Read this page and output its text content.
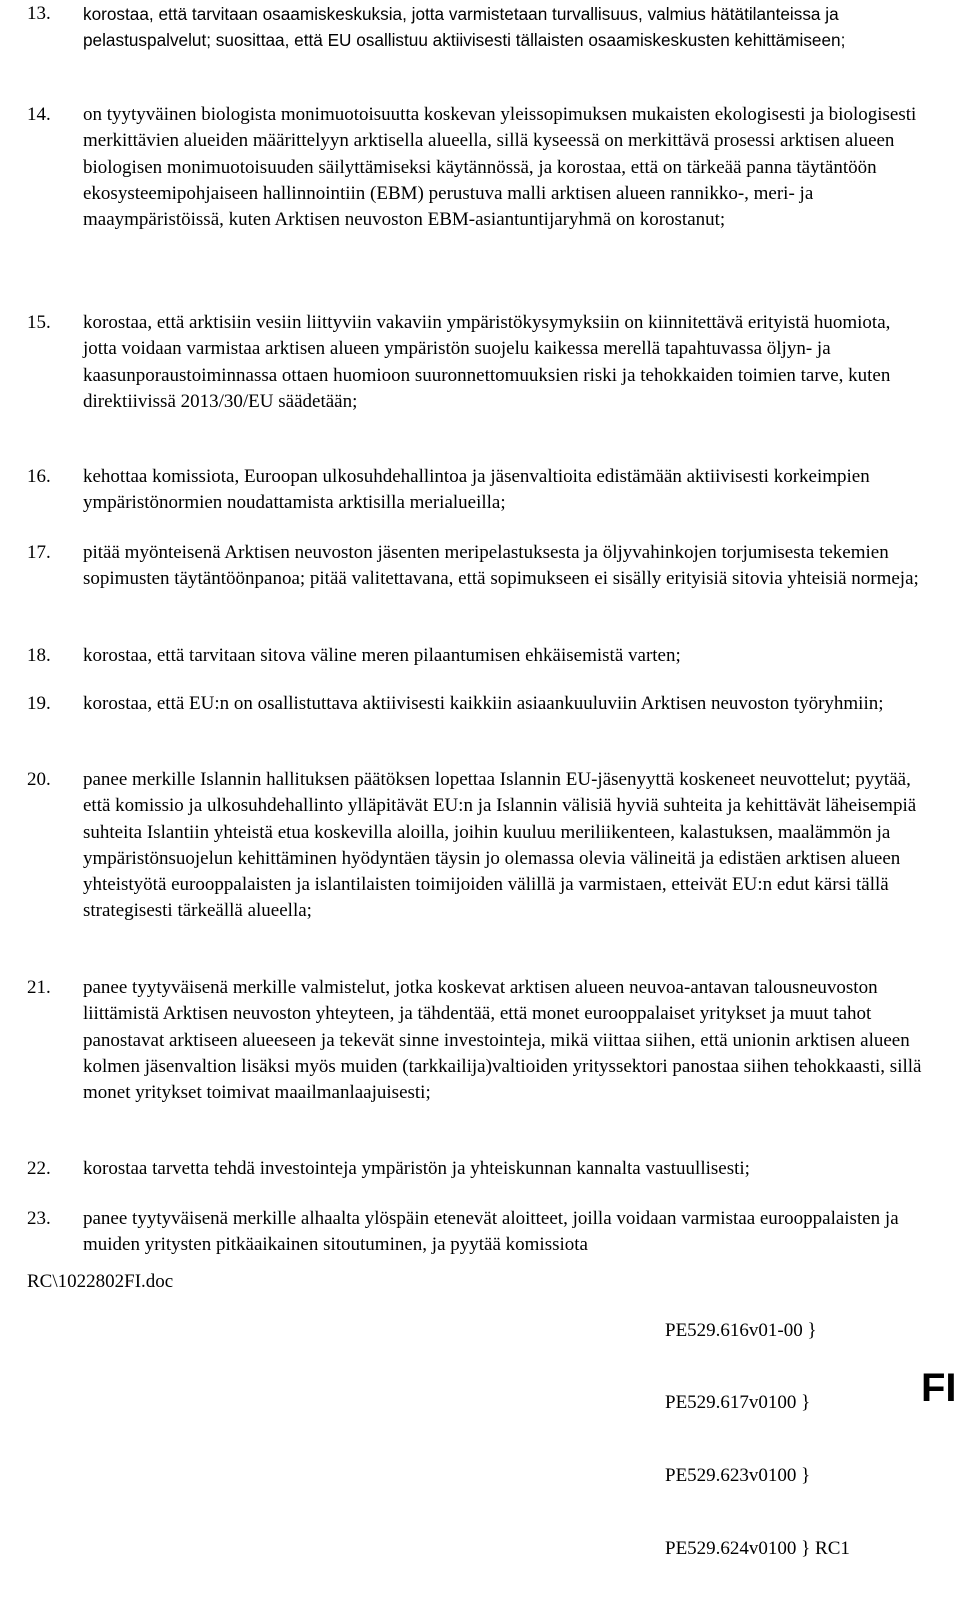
13. korostaa, että tarvitaan osaamiskeskuksia, jotta varmistetaan turvallisuus, valmius hätätilanteissa ja pelastuspalvelut; suosittaa, että EU osallistuu aktiivisesti tällaisten osaamiskeskusten kehittämiseen;

14. on tyytyväinen biologista monimuotoisuutta koskevan yleissopimuksen mukaisten ekologisesti ja biologisesti merkittävien alueiden määrittelyyn arktisella alueella, sillä kyseessä on merkittävä prosessi arktisen alueen biologisen monimuotoisuuden säilyttämiseksi käytännössä, ja korostaa, että on tärkeää panna täytäntöön ekosysteemipohjaiseen hallinnointiin (EBM) perustuva malli arktisen alueen rannikko-, meri- ja maaympäristöissä, kuten Arktisen neuvoston EBM-asiantuntijaryhmä on korostanut;

15. korostaa, että arktisiin vesiin liittyviin vakaviin ympäristökysymyksiin on kiinnitettävä erityistä huomiota, jotta voidaan varmistaa arktisen alueen ympäristön suojelu kaikessa merellä tapahtuvassa öljyn- ja kaasunporaustoiminnassa ottaen huomioon suuronnettomuuksien riski ja tehokkaiden toimien tarve, kuten direktiivissä 2013/30/EU säädetään;

16. kehottaa komissiota, Euroopan ulkosuhdehallintoa ja jäsenvaltioita edistämään aktiivisesti korkeimpien ympäristönormien noudattamista arktisilla merialueilla;

17. pitää myönteisenä Arktisen neuvoston jäsenten meripelastuksesta ja öljyvahinkojen torjumisesta tekemien sopimusten täytäntöönpanoa; pitää valitettavana, että sopimukseen ei sisälly erityisiä sitovia yhteisiä normeja;

18. korostaa, että tarvitaan sitova väline meren pilaantumisen ehkäisemistä varten;

19. korostaa, että EU:n on osallistuttava aktiivisesti kaikkiin asiaankuuluviin Arktisen neuvoston työryhmiin;

20. panee merkille Islannin hallituksen päätöksen lopettaa Islannin EU-jäsenyyttä koskeneet neuvottelut; pyytää, että komissio ja ulkosuhdehallinto ylläpitävät EU:n ja Islannin välisiä hyviä suhteita ja kehittävät läheisempiä suhteita Islantiin yhteistä etua koskevilla aloilla, joihin kuuluu meriliikenteen, kalastuksen, maalämmön ja ympäristönsuojelun kehittäminen hyödyntäen täysin jo olemassa olevia välineitä ja edistäen arktisen alueen yhteistyötä eurooppalaisten ja islantilaisten toimijoiden välillä ja varmistaen, etteivät EU:n edut kärsi tällä strategisesti tärkeällä alueella;

21. panee tyytyväisenä merkille valmistelut, jotka koskevat arktisen alueen neuvoa-antavan talousneuvoston liittämistä Arktisen neuvoston yhteyteen, ja tähdentää, että monet eurooppalaiset yritykset ja muut tahot panostavat arktiseen alueeseen ja tekevät sinne investointeja, mikä viittaa siihen, että unionin arktisen alueen kolmen jäsenvaltion lisäksi myös muiden (tarkkailija)valtioiden yrityssektori panostaa siihen tehokkaasti, sillä monet yritykset toimivat maailmanlaajuisesti;

22. korostaa tarvetta tehdä investointeja ympäristön ja yhteiskunnan kannalta vastuullisesti;

23. panee tyytyväisenä merkille alhaalta ylöspäin etenevät aloitteet, joilla voidaan varmistaa eurooppalaisten ja muiden yritysten pitkäaikainen sitoutuminen, ja pyytää komissiota

RC\1022802FI.doc

PE529.616v01-00 }

PE529.617v0100 }

PE529.623v0100 }

PE529.624v0100 } RC1

FI
